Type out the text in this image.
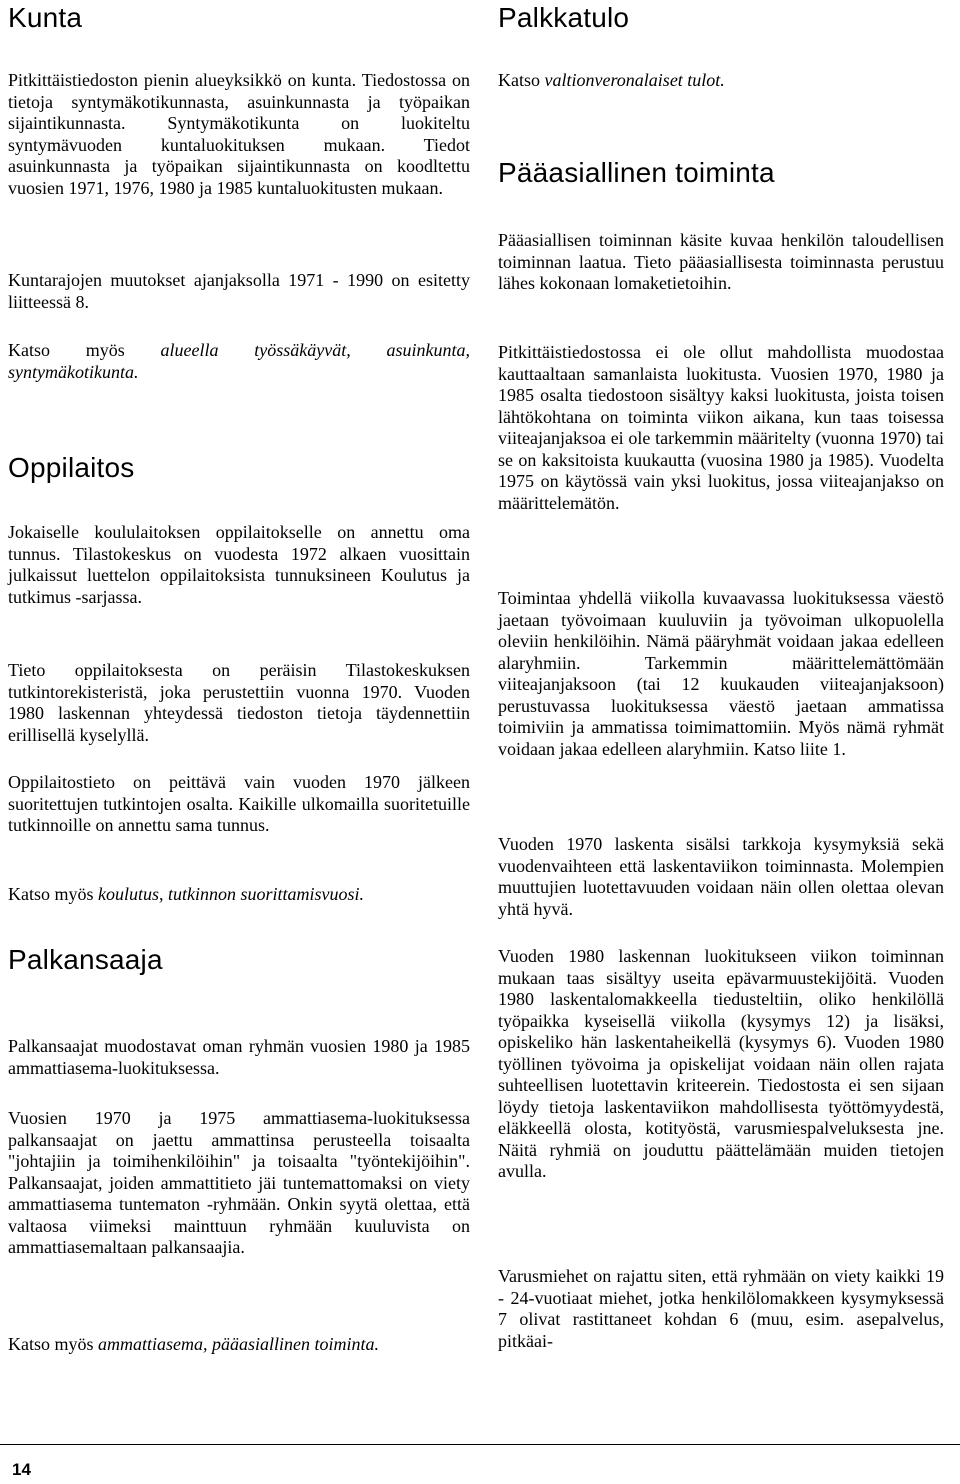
Kunta

Pitkittäistiedoston pienin alueyksikkö on kunta. Tiedostossa on tietoja syntymäkotikunnasta, asuinkunnasta ja työpaikan sijaintikunnasta. Syntymäkotikunta on luokiteltu syntymävuoden kuntaluokituksen mukaan. Tiedot asuinkunnasta ja työpaikan sijaintikunnasta on koodltettu vuosien 1971, 1976, 1980 ja 1985 kuntaluokitusten mukaan.

Kuntarajojen muutokset ajanjaksolla 1971 - 1990 on esitetty liitteessä 8.

Katso myös alueella työssäkäyvät, asuinkunta, syntymäkotikunta.

Oppilaitos

Jokaiselle koululaitoksen oppilaitokselle on annettu oma tunnus. Tilastokeskus on vuodesta 1972 alkaen vuosittain julkaissut luettelon oppilaitoksista tunnuksineen Koulutus ja tutkimus -sarjassa.

Tieto oppilaitoksesta on peräisin Tilastokeskuksen tutkintorekisteristä, joka perustettiin vuonna 1970. Vuoden 1980 laskennan yhteydessä tiedoston tietoja täydennettiin erillisellä kyselyllä.

Oppilaitostieto on peittävä vain vuoden 1970 jälkeen suoritettujen tutkintojen osalta. Kaikille ulkomailla suoritetuille tutkinnoille on annettu sama tunnus.

Katso myös koulutus, tutkinnon suorittamisvuosi.

Palkansaaja

Palkansaajat muodostavat oman ryhmän vuosien 1980 ja 1985 ammattiasema-luokituksessa.

Vuosien 1970 ja 1975 ammattiasema-luokituksessa palkansaajat on jaettu ammattinsa perusteella toisaalta "johtajiin ja toimihenkilöihin" ja toisaalta "työntekijöihin". Palkansaajat, joiden ammattitieto jäi tuntemattomaksi on viety ammattiasema tuntematon -ryhmään. Onkin syytä olettaa, että valtaosa viimeksi mainttuun ryhmään kuuluvista on ammattiasemaltaan palkansaajia.

Katso myös ammattiasema, pääasiallinen toiminta.

Palkkatulo

Katso valtionveronalaiset tulot.

Pääasiallinen toiminta

Pääasiallisen toiminnan käsite kuvaa henkilön taloudellisen toiminnan laatua. Tieto pääasiallisesta toiminnasta perustuu lähes kokonaan lomaketietoihin.

Pitkittäistiedostossa ei ole ollut mahdollista muodostaa kauttaaltaan samanlaista luokitusta. Vuosien 1970, 1980 ja 1985 osalta tiedostoon sisältyy kaksi luokitusta, joista toisen lähtökohtana on toiminta viikon aikana, kun taas toisessa viiteajanjaksoa ei ole tarkemmin määritelty (vuonna 1970) tai se on kaksitoista kuukautta (vuosina 1980 ja 1985). Vuodelta 1975 on käytössä vain yksi luokitus, jossa viiteajanjakso on määrittelemätön.

Toimintaa yhdellä viikolla kuvaavassa luokituksessa väestö jaetaan työvoimaan kuuluviin ja työvoiman ulkopuolella oleviin henkilöihin. Nämä pääryhmät voidaan jakaa edelleen alaryhmiin. Tarkemmin määrittelemättömään viiteajanjaksoon (tai 12 kuukauden viiteajanjaksoon) perustuvassa luokituksessa väestö jaetaan ammatissa toimiviin ja ammatissa toimimattomiin. Myös nämä ryhmät voidaan jakaa edelleen alaryhmiin. Katso liite 1.

Vuoden 1970 laskenta sisälsi tarkkoja kysymyksiä sekä vuodenvaihteen että laskentaviikon toiminnasta. Molempien muuttujien luotettavuuden voidaan näin ollen olettaa olevan yhtä hyvä.

Vuoden 1980 laskennan luokitukseen viikon toiminnan mukaan taas sisältyy useita epävarmuustekijöitä. Vuoden 1980 laskentalomakkeella tiedusteltiin, oliko henkilöllä työpaikka kyseisellä viikolla (kysymys 12) ja lisäksi, opiskeliko hän laskentaheikellä (kysymys 6). Vuoden 1980 työllinen työvoima ja opiskelijat voidaan näin ollen rajata suhteellisen luotettavin kriteerein. Tiedostosta ei sen sijaan löydy tietoja laskentaviikon mahdollisesta työttömyydestä, eläkkeellä olosta, kotityöstä, varusmiespalveluksesta jne. Näitä ryhmiä on jouduttu päättelämään muiden tietojen avulla.

Varusmiehet on rajattu siten, että ryhmään on viety kaikki 19 - 24-vuotiaat miehet, jotka henkilölomakkeen kysymyksessä 7 olivat rastittaneet kohdan 6 (muu, esim. asepalvelus, pitkäai-

14
